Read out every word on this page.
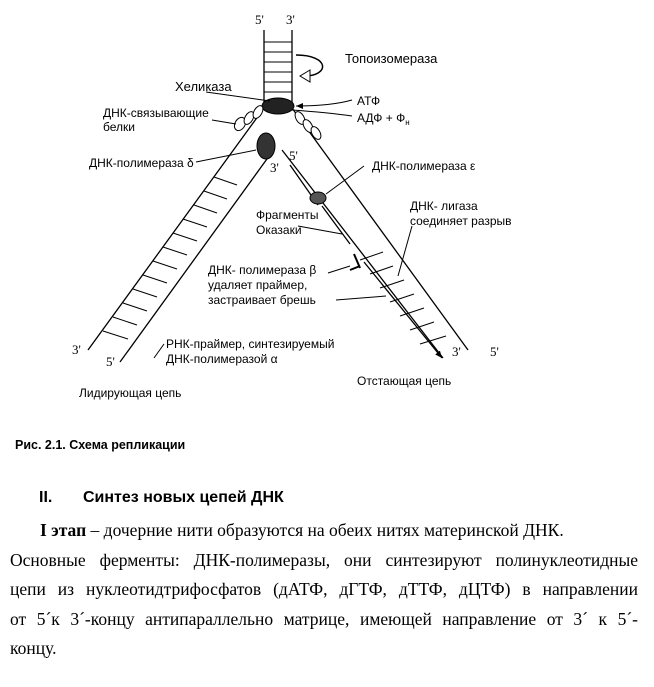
5' 3'
Топоизомераза
Хеликаза
ДНК-связывающие
белки
АТФ
АДФ + $Ф_н$
ДНК-полимераза δ	3'
5'
ДНК-полимераза ε
Фрагменты
Оказаки
ДНК- лигаза
соединяет разрыв
ДНК- полимераза β
удаляет праймер,
застраивает брешь
РНК-праймер, синтезируемый
ДНК-полимеразой α
3'
5'
3' 5'
Лидирующая цепь
Отстающая цепь
Рис. 2.1. Схема репликации
II. Синтез новых цепей ДНК
I этап – дочерние нити образуются на обеих нитях материнской ДНК.
Основные ферменты: ДНК-полимеразы, они синтезируют полинуклеотидные
цепи из нуклеотидтрифосфатов (дАТФ, дГТФ, дТТФ, дЦТФ) в направлении
от 5´к 3´-концу антипараллельно матрице, имеющей направление от 3´ к 5´-
концу.
